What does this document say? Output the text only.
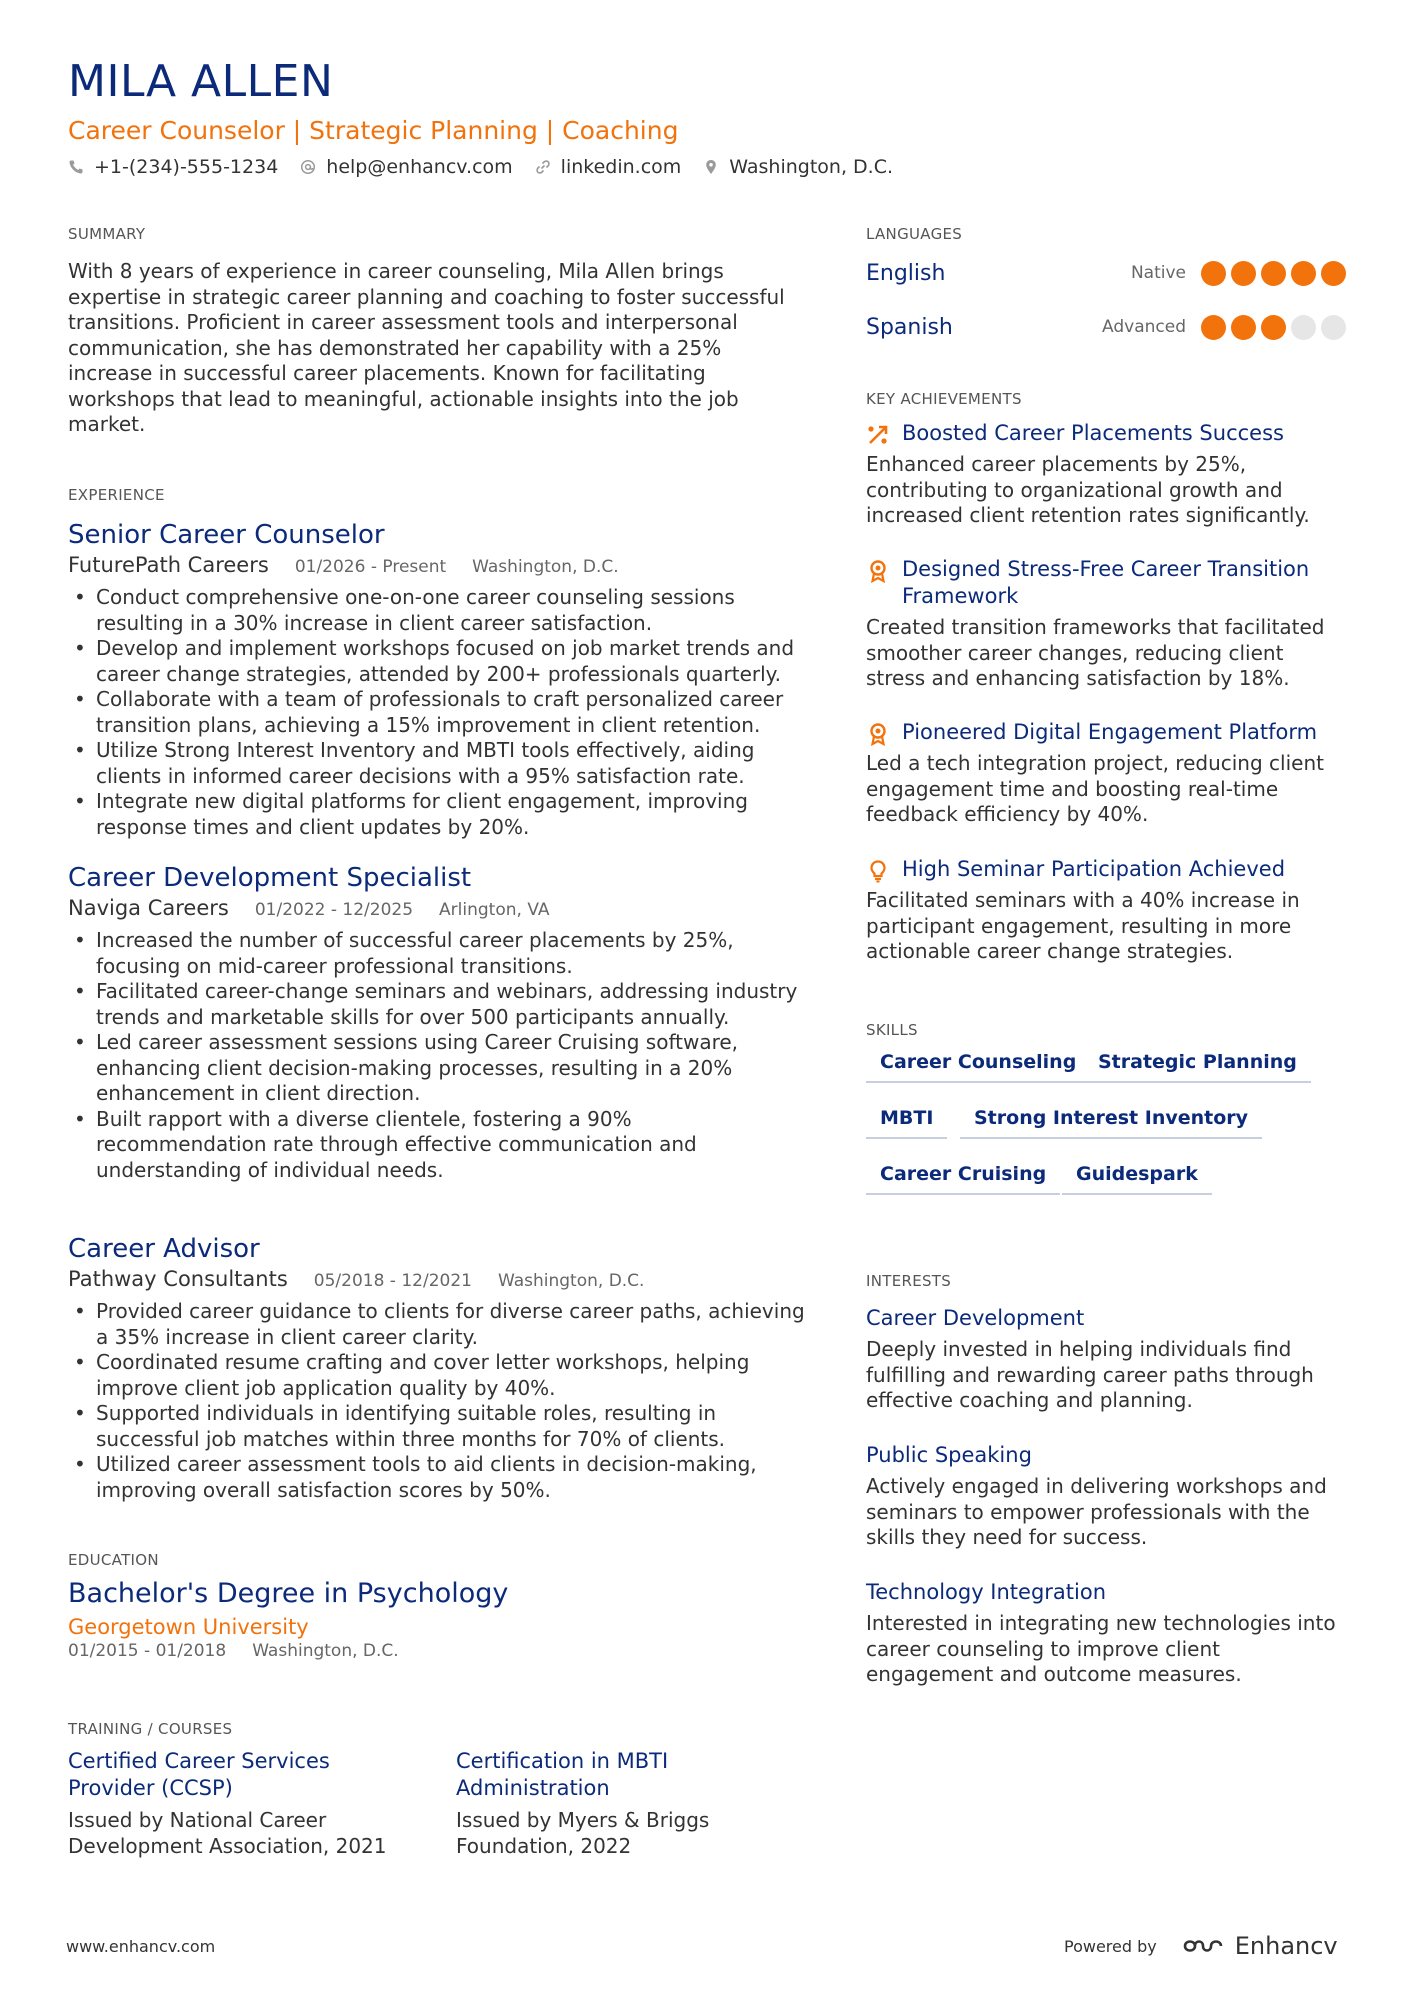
MILA ALLEN
Career Counselor | Strategic Planning | Coaching
+1-(234)-555-1234	help@enhancv.com	linkedin.com	Washington, D.C.
SUMMARY
With 8 years of experience in career counseling, Mila Allen brings expertise in strategic career planning and coaching to foster successful transitions. Proficient in career assessment tools and interpersonal communication, she has demonstrated her capability with a 25% increase in successful career placements. Known for facilitating workshops that lead to meaningful, actionable insights into the job market.
EXPERIENCE
Senior Career Counselor
FuturePath Careers 01/2026 - Present Washington, D.C.
• Conduct comprehensive one-on-one career counseling sessions resulting in a 30% increase in client career satisfaction.
• Develop and implement workshops focused on job market trends and career change strategies, attended by 200+ professionals quarterly.
• Collaborate with a team of professionals to craft personalized career transition plans, achieving a 15% improvement in client retention.
• Utilize Strong Interest Inventory and MBTI tools effectively, aiding clients in informed career decisions with a 95% satisfaction rate.
• Integrate new digital platforms for client engagement, improving response times and client updates by 20%.
Career Development Specialist
Naviga Careers 01/2022 - 12/2025 Arlington, VA
• Increased the number of successful career placements by 25%, focusing on mid-career professional transitions.
• Facilitated career-change seminars and webinars, addressing industry trends and marketable skills for over 500 participants annually.
• Led career assessment sessions using Career Cruising software, enhancing client decision-making processes, resulting in a 20% enhancement in client direction.
• Built rapport with a diverse clientele, fostering a 90% recommendation rate through effective communication and understanding of individual needs.
Career Advisor
Pathway Consultants 05/2018 - 12/2021 Washington, D.C.
• Provided career guidance to clients for diverse career paths, achieving a 35% increase in client career clarity.
• Coordinated resume crafting and cover letter workshops, helping improve client job application quality by 40%.
• Supported individuals in identifying suitable roles, resulting in successful job matches within three months for 70% of clients.
• Utilized career assessment tools to aid clients in decision-making, improving overall satisfaction scores by 50%.
EDUCATION
Bachelor's Degree in Psychology
Georgetown University
01/2015 - 01/2018 Washington, D.C.
TRAINING / COURSES
Certified Career Services Provider (CCSP)
Issued by National Career Development Association, 2021
Certification in MBTI Administration
Issued by Myers & Briggs Foundation, 2022
LANGUAGES
English	Native
Spanish	Advanced
KEY ACHIEVEMENTS
Boosted Career Placements Success
Enhanced career placements by 25%, contributing to organizational growth and increased client retention rates significantly.
Designed Stress-Free Career Transition Framework
Created transition frameworks that facilitated smoother career changes, reducing client stress and enhancing satisfaction by 18%.
Pioneered Digital Engagement Platform
Led a tech integration project, reducing client engagement time and boosting real-time feedback efficiency by 40%.
High Seminar Participation Achieved
Facilitated seminars with a 40% increase in participant engagement, resulting in more actionable career change strategies.
SKILLS
Career Counseling	Strategic Planning
MBTI	Strong Interest Inventory
Career Cruising	Guidespark
INTERESTS
Career Development
Deeply invested in helping individuals find fulfilling and rewarding career paths through effective coaching and planning.
Public Speaking
Actively engaged in delivering workshops and seminars to empower professionals with the skills they need for success.
Technology Integration
Interested in integrating new technologies into career counseling to improve client engagement and outcome measures.
www.enhancv.com	Powered by	Enhancv
